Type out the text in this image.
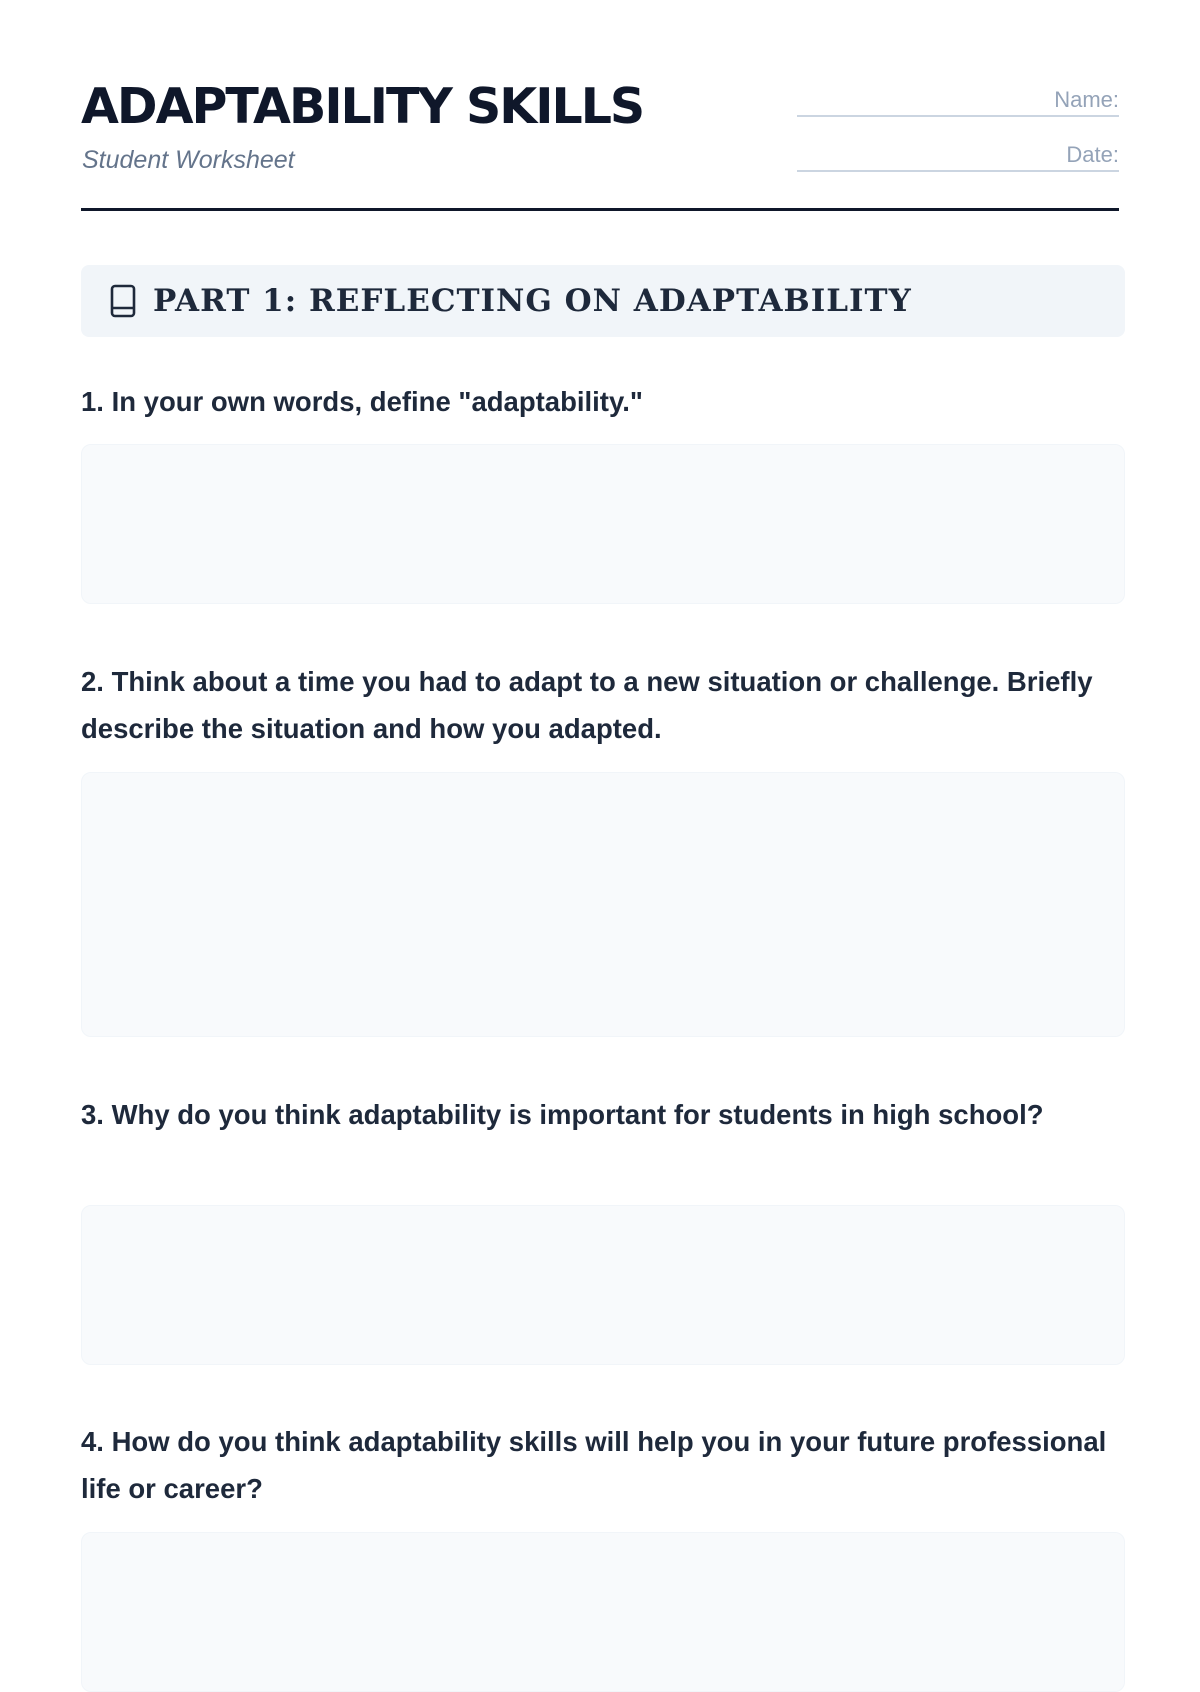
ADAPTABILITY SKILLS
Student Worksheet
Name:
Date:
PART 1: REFLECTING ON ADAPTABILITY
1. In your own words, define "adaptability."
2. Think about a time you had to adapt to a new situation or challenge. Briefly describe the situation and how you adapted.
3. Why do you think adaptability is important for students in high school?
4. How do you think adaptability skills will help you in your future professional life or career?
